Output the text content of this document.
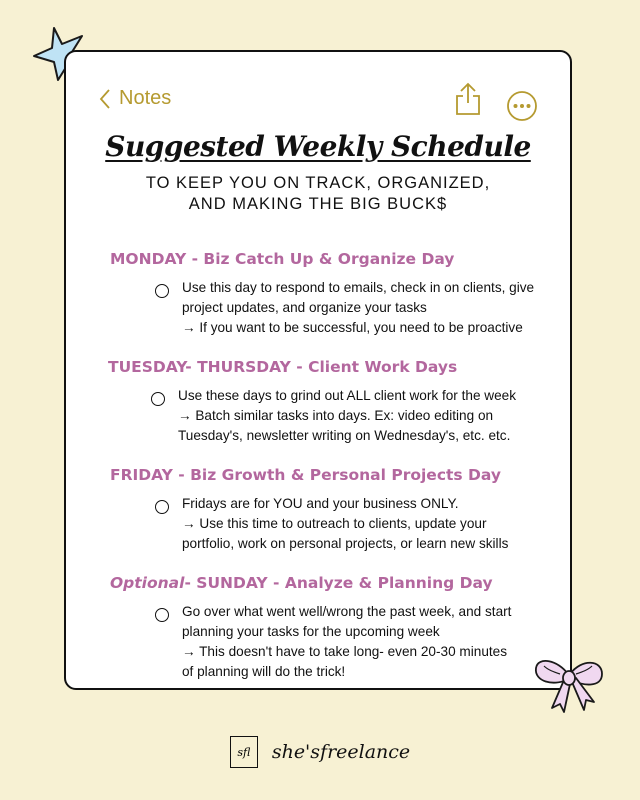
Notes
Suggested Weekly Schedule
TO KEEP YOU ON TRACK, ORGANIZED,
AND MAKING THE BIG BUCK$
MONDAY - Biz Catch Up & Organize Day
Use this day to respond to emails, check in on clients, give
project updates, and organize your tasks
→ If you want to be successful, you need to be proactive
TUESDAY- THURSDAY - Client Work Days
Use these days to grind out ALL client work for the week
→ Batch similar tasks into days. Ex: video editing on
Tuesday's, newsletter writing on Wednesday's, etc. etc.
FRIDAY - Biz Growth & Personal Projects Day
Fridays are for YOU and your business ONLY.
→ Use this time to outreach to clients, update your
portfolio, work on personal projects, or learn new skills
Optional- SUNDAY - Analyze & Planning Day
Go over what went well/wrong the past week, and start
planning your tasks for the upcoming week
→ This doesn't have to take long- even 20-30 minutes
of planning will do the trick!
sfl she'sfreelance
